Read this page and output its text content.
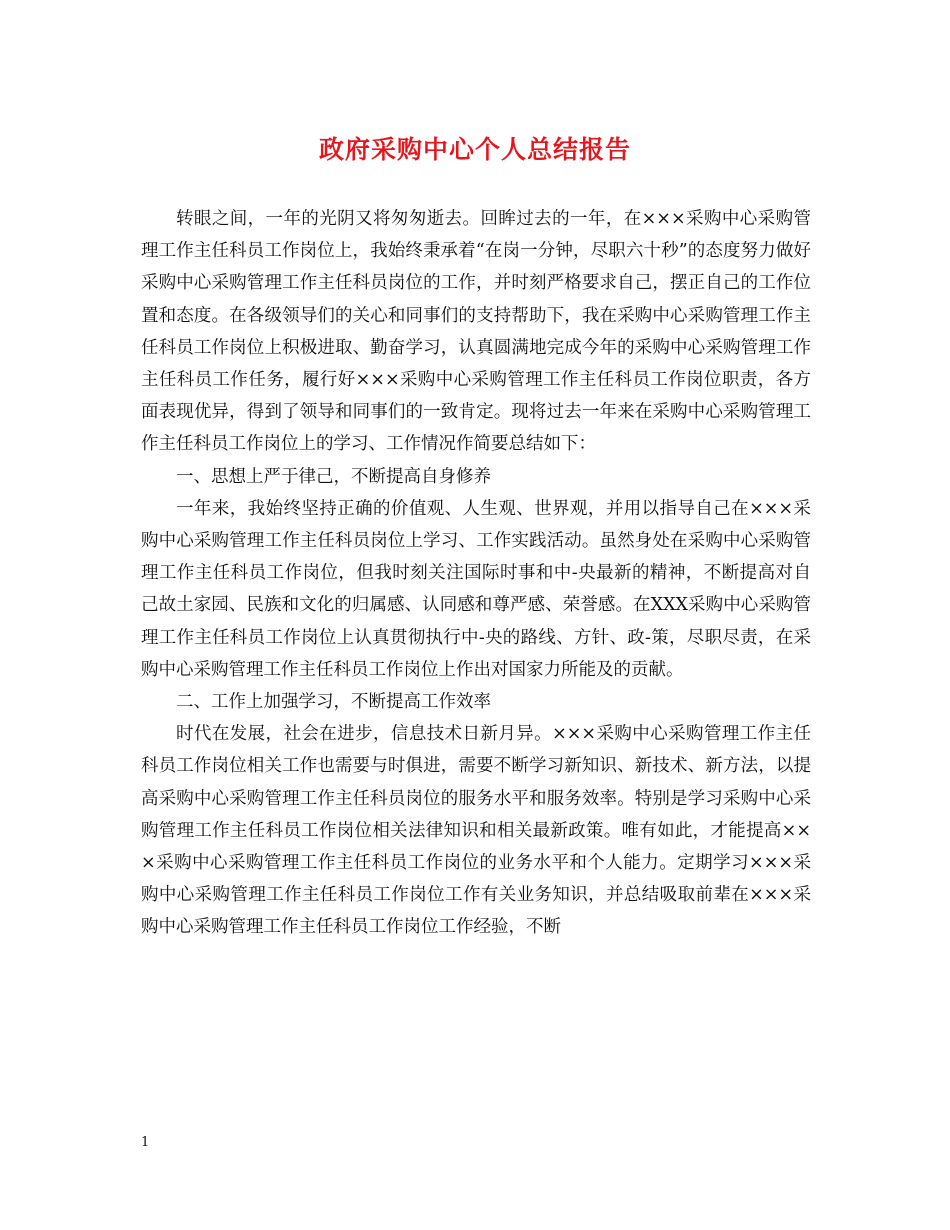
政府采购中心个人总结报告

转眼之间，一年的光阴又将匆匆逝去。回眸过去的一年，在×××采购中心采购管理工作主任科员工作岗位上，我始终秉承着“在岗一分钟，尽职六十秒”的态度努力做好采购中心采购管理工作主任科员岗位的工作，并时刻严格要求自己，摆正自己的工作位置和态度。在各级领导们的关心和同事们的支持帮助下，我在采购中心采购管理工作主任科员工作岗位上积极进取、勤奋学习，认真圆满地完成今年的采购中心采购管理工作主任科员工作任务，履行好×××采购中心采购管理工作主任科员工作岗位职责，各方面表现优异，得到了领导和同事们的一致肯定。现将过去一年来在采购中心采购管理工作主任科员工作岗位上的学习、工作情况作简要总结如下：

一、思想上严于律己，不断提高自身修养

一年来，我始终坚持正确的价值观、人生观、世界观，并用以指导自己在×××采购中心采购管理工作主任科员岗位上学习、工作实践活动。虽然身处在采购中心采购管理工作主任科员工作岗位，但我时刻关注国际时事和中-央最新的精神，不断提高对自己故土家园、民族和文化的归属感、认同感和尊严感、荣誉感。在XXX采购中心采购管理工作主任科员工作岗位上认真贯彻执行中-央的路线、方针、政-策，尽职尽责，在采购中心采购管理工作主任科员工作岗位上作出对国家力所能及的贡献。

二、工作上加强学习，不断提高工作效率

时代在发展，社会在进步，信息技术日新月异。×××采购中心采购管理工作主任科员工作岗位相关工作也需要与时俱进，需要不断学习新知识、新技术、新方法，以提高采购中心采购管理工作主任科员岗位的服务水平和服务效率。特别是学习采购中心采购管理工作主任科员工作岗位相关法律知识和相关最新政策。唯有如此，才能提高×××采购中心采购管理工作主任科员工作岗位的业务水平和个人能力。定期学习×××采购中心采购管理工作主任科员工作岗位工作有关业务知识，并总结吸取前辈在×××采购中心采购管理工作主任科员工作岗位工作经验，不断

1
